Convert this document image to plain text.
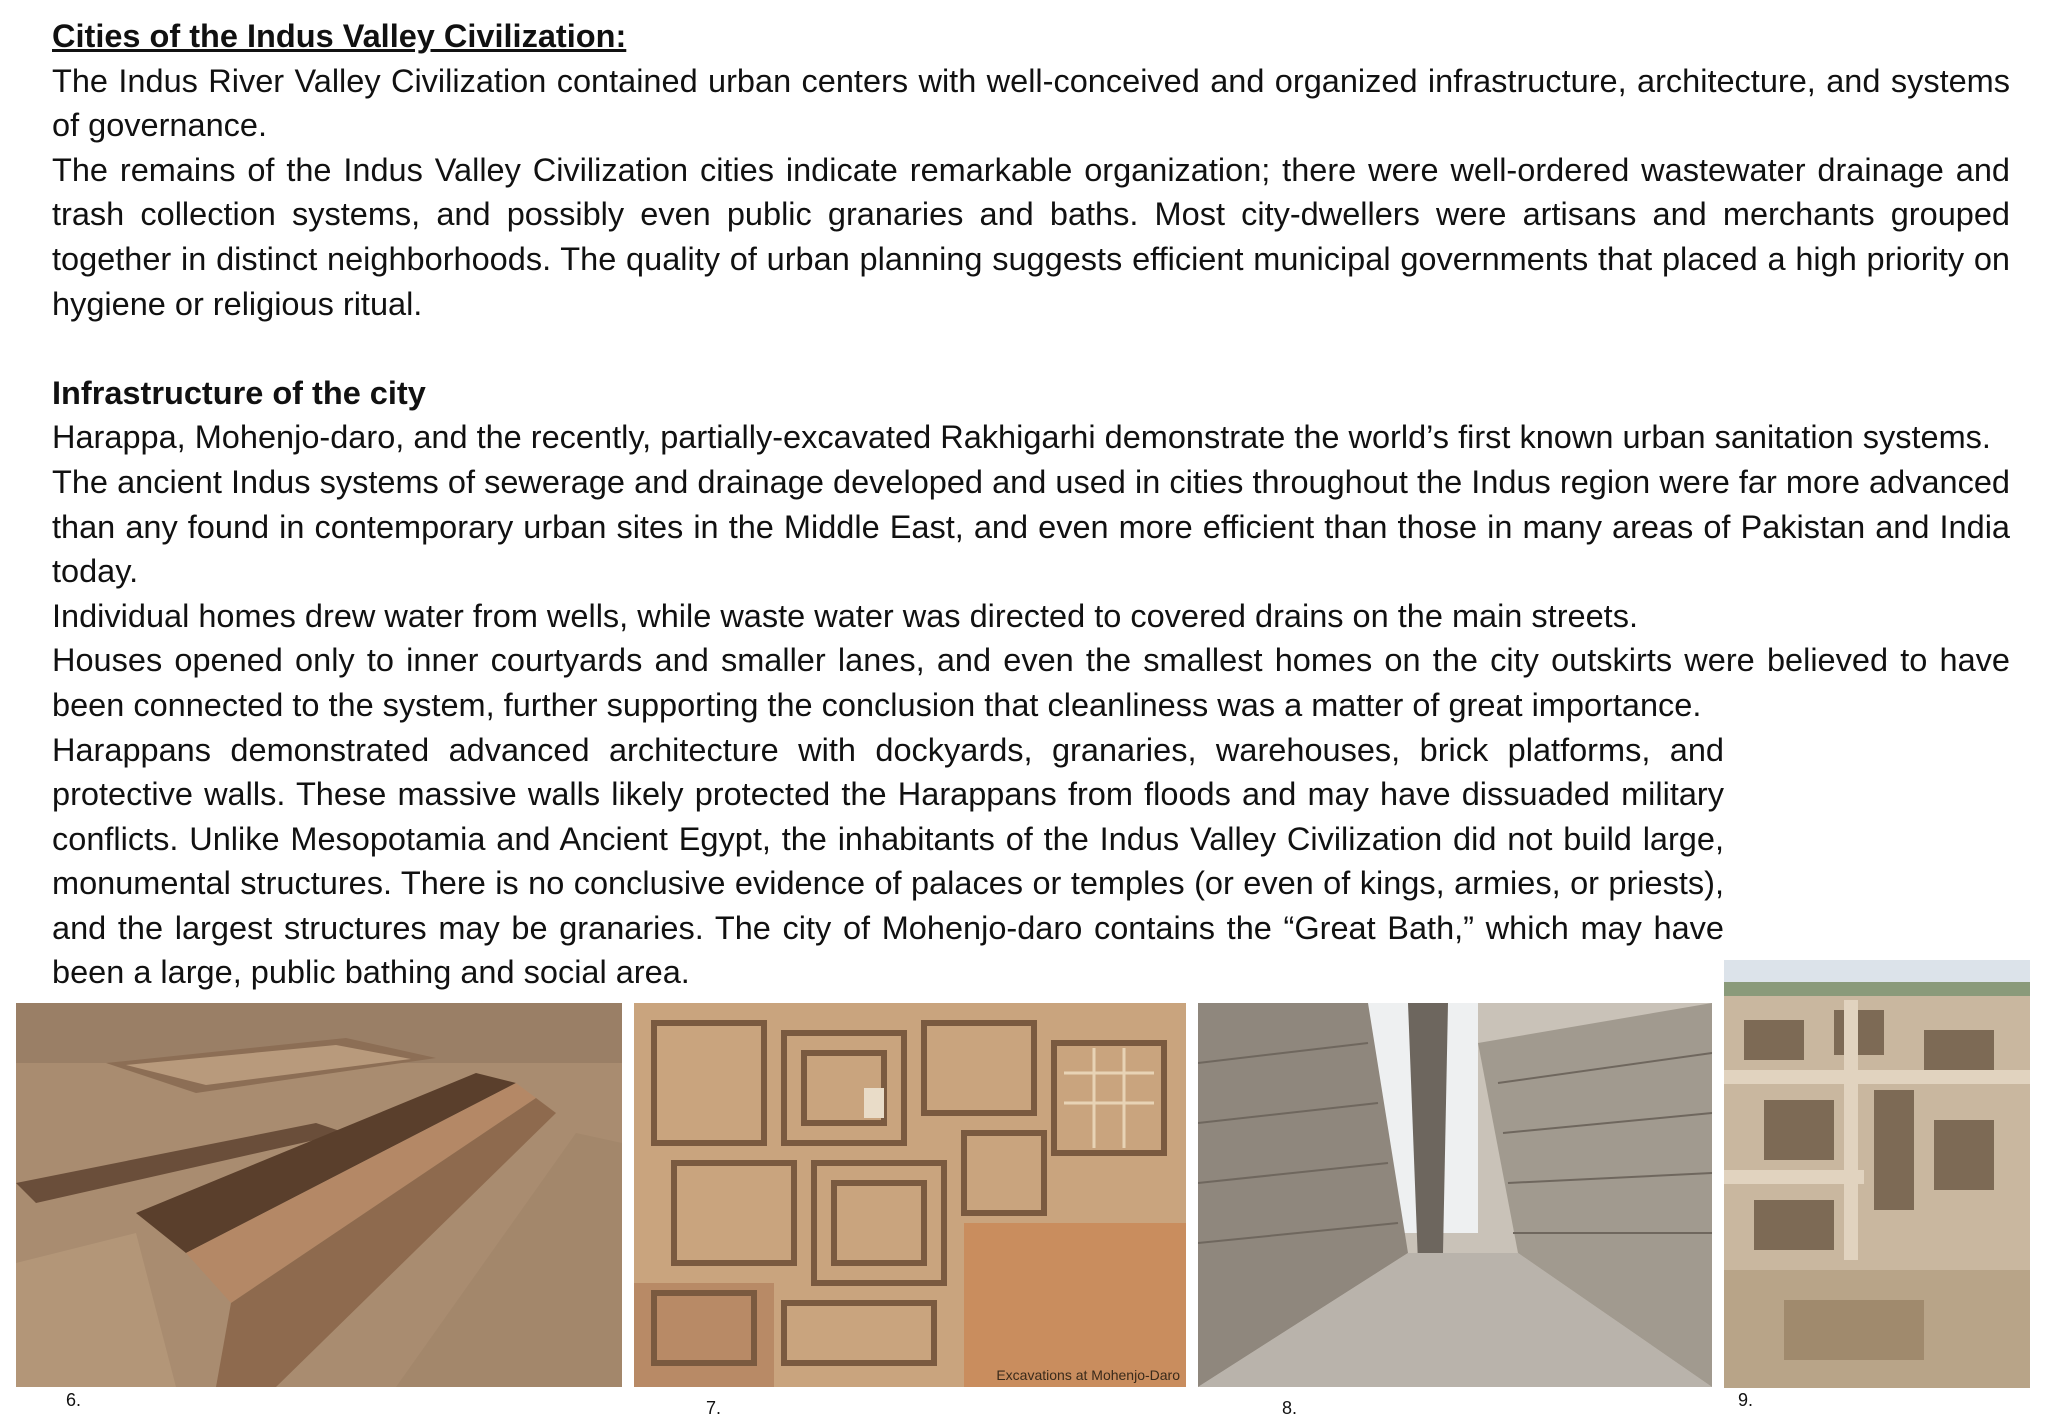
Cities of the Indus Valley Civilization:

The Indus River Valley Civilization contained urban centers with well-conceived and organized infrastructure, architecture, and systems of governance.

The remains of the Indus Valley Civilization cities indicate remarkable organization; there were well-ordered wastewater drainage and trash collection systems, and possibly even public granaries and baths. Most city-dwellers were artisans and merchants grouped together in distinct neighborhoods. The quality of urban planning suggests efficient municipal governments that placed a high priority on hygiene or religious ritual.

Infrastructure of the city

Harappa, Mohenjo-daro, and the recently, partially-excavated Rakhigarhi demonstrate the world’s first known urban sanitation systems.

The ancient Indus systems of sewerage and drainage developed and used in cities throughout the Indus region were far more advanced than any found in contemporary urban sites in the Middle East, and even more efficient than those in many areas of Pakistan and India today.

Individual homes drew water from wells, while waste water was directed to covered drains on the main streets.

Houses opened only to inner courtyards and smaller lanes, and even the smallest homes on the city outskirts were believed to have been connected to the system, further supporting the conclusion that cleanliness was a matter of great importance.

Harappans demonstrated advanced architecture with dockyards, granaries, warehouses, brick platforms, and protective walls. These massive walls likely protected the Harappans from floods and may have dissuaded military conflicts. Unlike Mesopotamia and Ancient Egypt, the inhabitants of the Indus Valley Civilization did not build large, monumental structures. There is no conclusive evidence of palaces or temples (or even of kings, armies, or priests), and the largest structures may be granaries. The city of Mohenjo-daro contains the “Great Bath,” which may have been a large, public bathing and social area.

6.
Excavations at Mohenjo-Daro
7.	8.	9.
